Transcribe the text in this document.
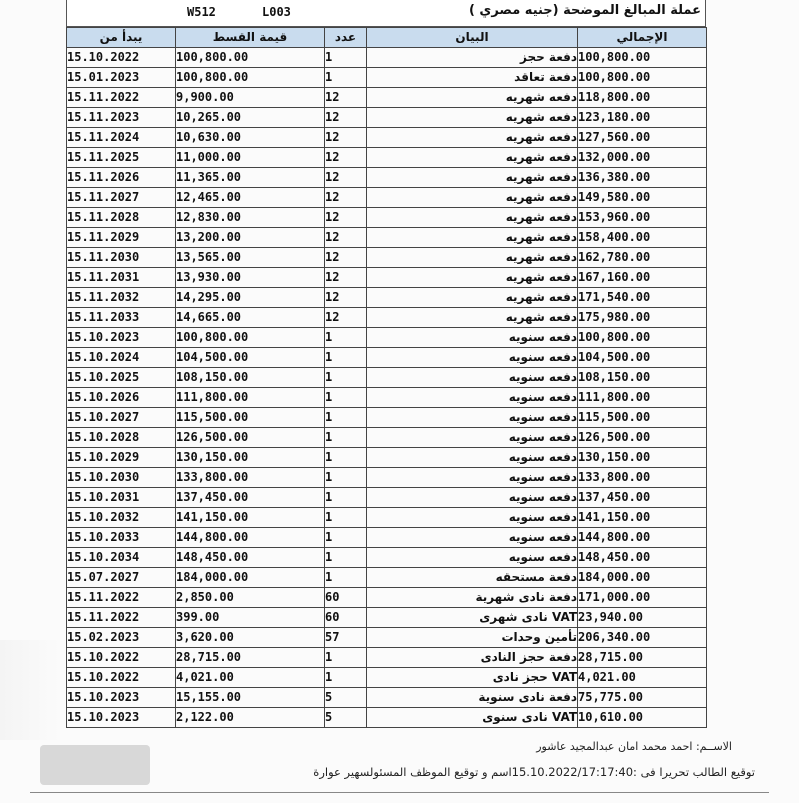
W512	L003	عملة المبالغ الموضحة (جنيه مصري )
يبدأ من	قيمة القسط	عدد	البيان	الإجمالي
15.10.2022	100,800.00	1	دفعة حجز	100,800.00
15.01.2023	100,800.00	1	دفعة تعاقد	100,800.00
15.11.2022	9,900.00	12	دفعه شهريه	118,800.00
15.11.2023	10,265.00	12	دفعه شهريه	123,180.00
15.11.2024	10,630.00	12	دفعه شهريه	127,560.00
15.11.2025	11,000.00	12	دفعه شهريه	132,000.00
15.11.2026	11,365.00	12	دفعه شهريه	136,380.00
15.11.2027	12,465.00	12	دفعه شهريه	149,580.00
15.11.2028	12,830.00	12	دفعه شهريه	153,960.00
15.11.2029	13,200.00	12	دفعه شهريه	158,400.00
15.11.2030	13,565.00	12	دفعه شهريه	162,780.00
15.11.2031	13,930.00	12	دفعه شهريه	167,160.00
15.11.2032	14,295.00	12	دفعه شهريه	171,540.00
15.11.2033	14,665.00	12	دفعه شهريه	175,980.00
15.10.2023	100,800.00	1	دفعه سنويه	100,800.00
15.10.2024	104,500.00	1	دفعه سنويه	104,500.00
15.10.2025	108,150.00	1	دفعه سنويه	108,150.00
15.10.2026	111,800.00	1	دفعه سنويه	111,800.00
15.10.2027	115,500.00	1	دفعه سنويه	115,500.00
15.10.2028	126,500.00	1	دفعه سنويه	126,500.00
15.10.2029	130,150.00	1	دفعه سنويه	130,150.00
15.10.2030	133,800.00	1	دفعه سنويه	133,800.00
15.10.2031	137,450.00	1	دفعه سنويه	137,450.00
15.10.2032	141,150.00	1	دفعه سنويه	141,150.00
15.10.2033	144,800.00	1	دفعه سنويه	144,800.00
15.10.2034	148,450.00	1	دفعه سنويه	148,450.00
15.07.2027	184,000.00	1	دفعة مستحقه	184,000.00
15.11.2022	2,850.00	60	دفعة نادى شهرية	171,000.00
15.11.2022	399.00	60	VAT نادى شهرى	23,940.00
15.02.2023	3,620.00	57	تأمين وحدات	206,340.00
15.10.2022	28,715.00	1	دفعة حجز النادى	28,715.00
15.10.2022	4,021.00	1	VAT حجز نادى	4,021.00
15.10.2023	15,155.00	5	دفعة نادى سنوية	75,775.00
15.10.2023	2,122.00	5	VAT نادى سنوى	10,610.00
الاســم: احمد محمد امان عبدالمجيد عاشور
توقيع الطالب تحريرا فى :15.10.2022/17:17:40اسم و توقيع الموظف المسئولسهير عوارة
